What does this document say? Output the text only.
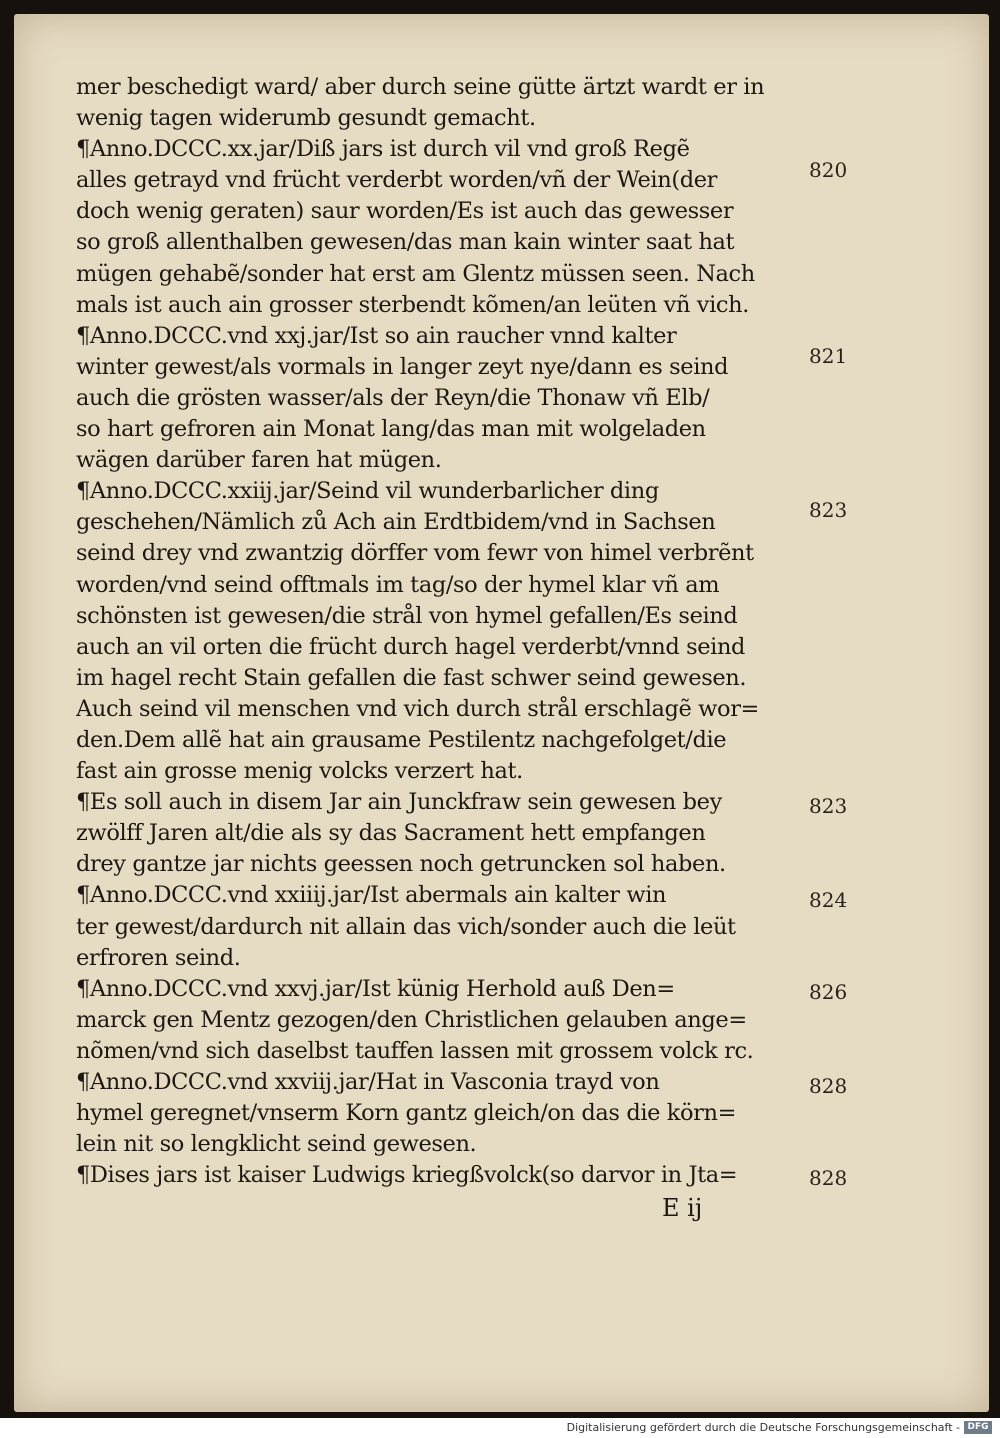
mer beschedigt ward/ aber durch seine gütte ärtzt wardt er in
wenig tagen widerumb gesundt gemacht.
¶Anno.DCCC.xx.jar/Diß jars ist durch vil vnd groß Regẽ
alles getrayd vnd frücht verderbt worden/vñ der Wein(der
doch wenig geraten) saur worden/Es ist auch das gewesser
so groß allenthalben gewesen/das man kain winter saat hat
mügen gehabẽ/sonder hat erst am Glentz müssen seen. Nach
mals ist auch ain grosser sterbendt kõmen/an leüten vñ vich.
¶Anno.DCCC.vnd xxj.jar/Ist so ain raucher vnnd kalter
winter gewest/als vormals in langer zeyt nye/dann es seind
auch die grösten wasser/als der Reyn/die Thonaw vñ Elb/
so hart gefroren ain Monat lang/das man mit wolgeladen
wägen darüber faren hat mügen.
¶Anno.DCCC.xxiij.jar/Seind vil wunderbarlicher ding
geschehen/Nämlich zů Ach ain Erdtbidem/vnd in Sachsen
seind drey vnd zwantzig dörffer vom fewr von himel verbrẽnt
worden/vnd seind offtmals im tag/so der hymel klar vñ am
schönsten ist gewesen/die strål von hymel gefallen/Es seind
auch an vil orten die frücht durch hagel verderbt/vnnd seind
im hagel recht Stain gefallen die fast schwer seind gewesen.
Auch seind vil menschen vnd vich durch strål erschlagẽ wor=
den.Dem allẽ hat ain grausame Pestilentz nachgefolget/die
fast ain grosse menig volcks verzert hat.
¶Es soll auch in disem Jar ain Junckfraw sein gewesen bey
zwölff Jaren alt/die als sy das Sacrament hett empfangen
drey gantze jar nichts geessen noch getruncken sol haben.
¶Anno.DCCC.vnd xxiiij.jar/Ist abermals ain kalter win
ter gewest/dardurch nit allain das vich/sonder auch die leüt
erfroren seind.
¶Anno.DCCC.vnd xxvj.jar/Ist künig Herhold auß Den=
marck gen Mentz gezogen/den Christlichen gelauben ange=
nõmen/vnd sich daselbst tauffen lassen mit grossem volck rc.
¶Anno.DCCC.vnd xxviij.jar/Hat in Vasconia trayd von
hymel geregnet/vnserm Korn gantz gleich/on das die körn=
lein nit so lengklicht seind gewesen.
¶Dises jars ist kaiser Ludwigs kriegßvolck(so darvor in Jta=
820
821
823
823
824
826
828
828
E ij
Digitalisierung gefördert durch die Deutsche Forschungsgemeinschaft - DFG
